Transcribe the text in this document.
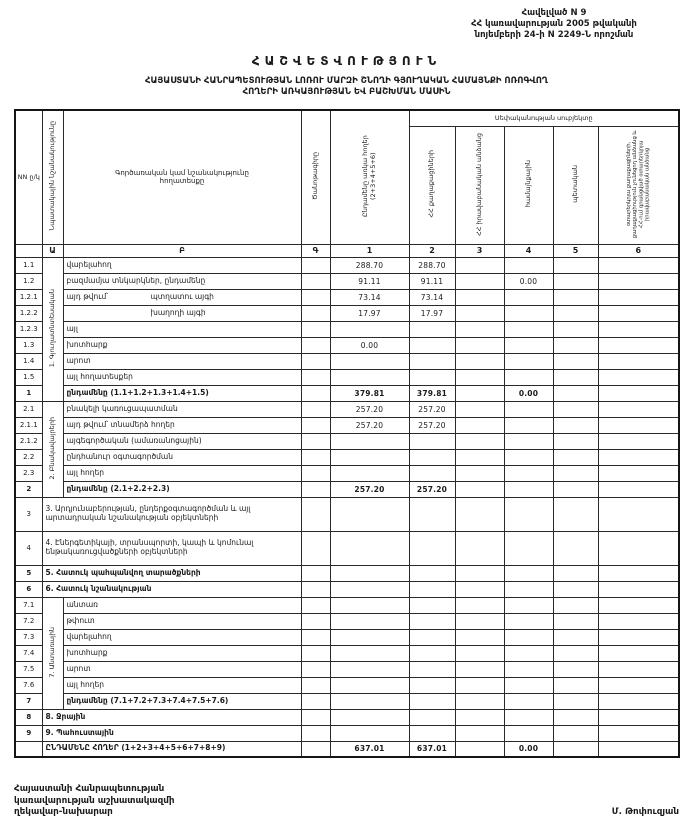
Հավելված N 9
ՀՀ կառավարության 2005 թվականի
նոյեմբերի 24-ի N 2249-Ն որոշման
ՀԱՇՎԵՏՎՈՒԹՅՈՒՆ
ՀԱՅԱՍՏԱՆԻ ՀԱՆՐԱՊԵՏՈՒԹՅԱՆ ԼՈՌՈՒ ՄԱՐԶԻ ՇՆՈՂԻ ԳՅՈՒՂԱԿԱՆ ՀԱՄԱՅՆՔԻ ՈՌՈԳՎՈՂ
ՀՈՂԵՐԻ ԱՌԿԱՅՈՒԹՅԱՆ ԵՎ ԲԱՇԽՄԱՆ ՄԱՍԻՆ
NN ը/կ	Նպատակային նշանակությունը	Գործառական կամ նշանակությունը հողատեսքը	Ծանոթագիրը	Ընդամենը առկա հողեր (2+3+4+5+6)	Սեփականության սուբյեկտը				
					ՀՀ քաղաքացիների	ՀՀ իրավաբանական անձանց	համայնքային	պետական	օտարերկրյա քաղաքացիների, քաղաքացիություն չունեցող անձանց և ՀՀ-ում գրանցված օտարերկրյա իրավաբանական անձանց
	Ա	Բ	Գ	1	2	3	4	5	6
1.1	1. Գյուղատնտեսական	վարելահող		288.70	288.70				
1.2		բազմամյա տնկարկներ, ընդամենը		91.11	91.11		0.00		
1.2.1		այդ թվում՝ պտղատու այգի		73.14	73.14				
1.2.2		խաղողի այգի		17.97	17.97				
1.2.3		այլ							
1.3		խոտհարք		0.00					
1.4		արոտ							
1.5		այլ հողատեսքեր							
1		ընդամենը (1.1+1.2+1.3+1.4+1.5)		379.81	379.81		0.00		
2.1	2. Բնակավայրերի	բնակելի կառուցապատման		257.20	257.20				
2.1.1		այդ թվում՝ տնամերձ հողեր		257.20	257.20				
2.1.2		այգեգործական (ամառանոցային)							
2.2		ընդհանուր օգտագործման							
2.3		այլ հողեր							
2		ընդամենը (2.1+2.2+2.3)		257.20	257.20				
3	3. Արդյունաբերության, ընդերքօգտագործման և այլ արտադրական նշանակության օբյեկտների								
4	4. Էներգետիկայի, տրանսպորտի, կապի և կոմունալ ենթակառուցվածքների օբյեկտների								
5	5. Հատուկ պահպանվող տարածքների								
6	6. Հատուկ նշանակության								
7.1	7. Անտառային	անտառ							
7.2		թփուտ							
7.3		վարելահող							
7.4		խոտհարք							
7.5		արոտ							
7.6		այլ հողեր							
7		ընդամենը (7.1+7.2+7.3+7.4+7.5+7.6)							
8	8. Ջրային								
9	9. Պահուստային								
	ԸՆԴԱՄԵՆԸ ՀՈՂԵՐ (1+2+3+4+5+6+7+8+9)			637.01	637.01		0.00		
Հայաստանի Հանրապետության
կառավարության աշխատակազմի
ղեկավար-նախարար	Մ. Թոփուզյան
